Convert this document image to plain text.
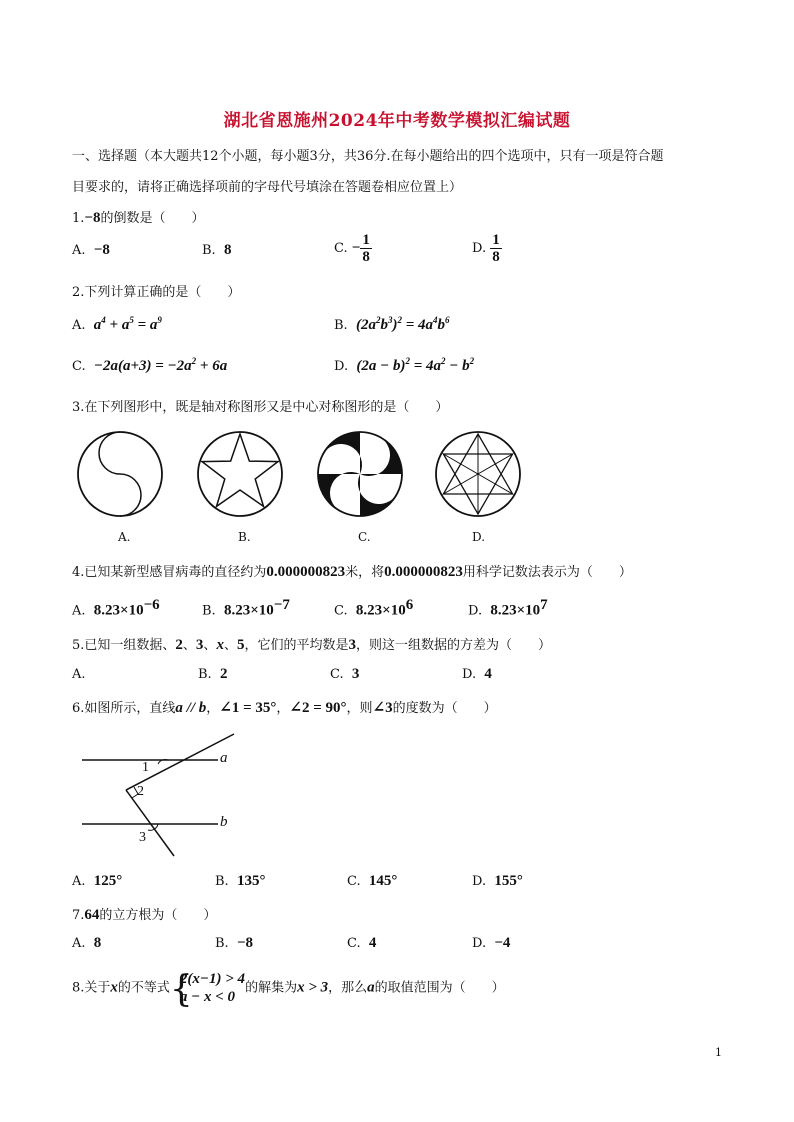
湖北省恩施州2024年中考数学模拟汇编试题
一、选择题（本大题共12个小题，每小题3分，共36分.在每小题给出的四个选项中，只有一项是符合题
目要求的，请将正确选择项前的字母代号填涂在答题卷相应位置上）
1.−8的倒数是（　　）
A. −8	B. 8	C. − $\frac{1}{8}$	D. $\frac{1}{8}$
2.下列计算正确的是（　　）
A. $a^4 + a^5 = a^9$	B. $(2a^2b^3)^2 = 4a^4b^6$
C. $-2a(a+3) = -2a^2 + 6a$	D. $(2a - b)^2 = 4a^2 - b^2$
3.在下列图形中，既是轴对称图形又是中心对称图形的是（　　）
A.	B.	C.	D.
4.已知某新型感冒病毒的直径约为0.000000823米，将0.000000823用科学记数法表示为（　　）
A. $8.23\times 10^{-6}$	B. $8.23\times 10^{-7}$	C. $8.23\times 10^6$	D. $8.23\times 10^7$
5.已知一组数据、2、3、x、5，它们的平均数是3，则这一组数据的方差为（　　）
A.	B. 2	C. 3	D. 4
6.如图所示，直线a // b，∠1 = 35°，∠2 = 90°，则∠3的度数为（　　）
a
b
1
2
3
A. 125°	B. 135°	C. 145°	D. 155°
7.64的立方根为（　　）
A. 8	B. −8	C. 4	D. −4
8.关于x的不等式 {
2(x−1) > 4
a − x < 0
的解集为x > 3，那么a的取值范围为（　　）
1
